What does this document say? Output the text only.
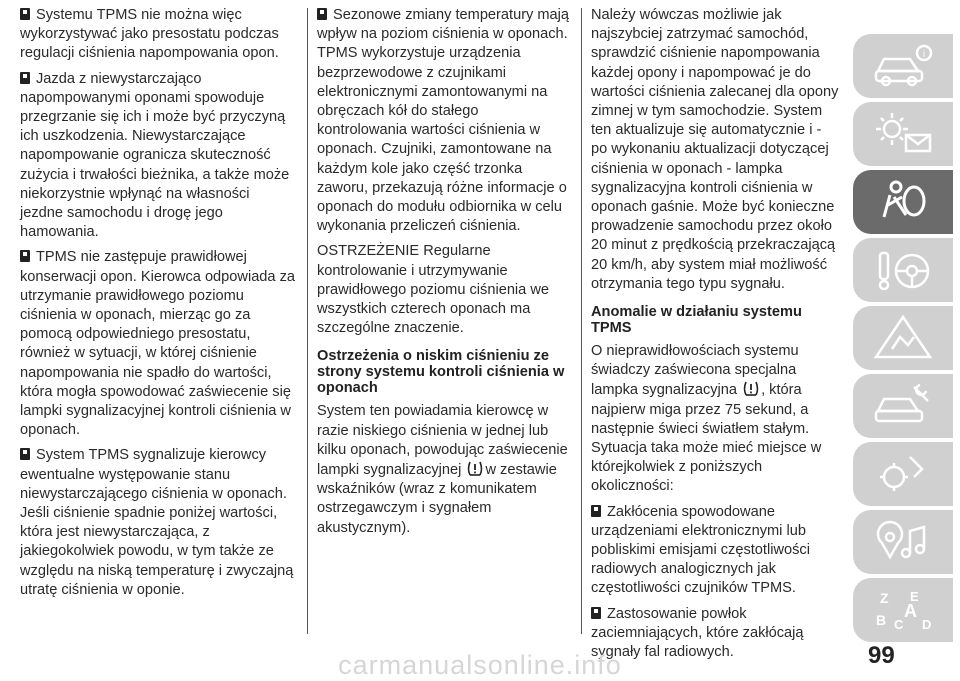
Systemu TPMS nie można więc wykorzystywać jako presostatu podczas regulacji ciśnienia napompowania opon.

Jazda z niewystarczająco napompowanymi oponami spowoduje przegrzanie się ich i może być przyczyną ich uszkodzenia. Niewystarczające napompowanie ogranicza skuteczność zużycia i trwałości bieżnika, a także może niekorzystnie wpłynąć na własności jezdne samochodu i drogę jego hamowania.

TPMS nie zastępuje prawidłowej konserwacji opon. Kierowca odpowiada za utrzymanie prawidłowego poziomu ciśnienia w oponach, mierząc go za pomocą odpowiedniego presostatu, również w sytuacji, w której ciśnienie napompowania nie spadło do wartości, która mogła spowodować zaświecenie się lampki sygnalizacyjnej kontroli ciśnienia w oponach.

System TPMS sygnalizuje kierowcy ewentualne występowanie stanu niewystarczającego ciśnienia w oponach. Jeśli ciśnienie spadnie poniżej wartości, która jest niewystarczająca, z jakiegokolwiek powodu, w tym także ze względu na niską temperaturę i zwyczajną utratę ciśnienia w oponie.

Sezonowe zmiany temperatury mają wpływ na poziom ciśnienia w oponach. TPMS wykorzystuje urządzenia bezprzewodowe z czujnikami elektronicznymi zamontowanymi na obręczach kół do stałego kontrolowania wartości ciśnienia w oponach. Czujniki, zamontowane na każdym kole jako część trzonka zaworu, przekazują różne informacje o oponach do modułu odbiornika w celu wykonania przeliczeń ciśnienia.

OSTRZEŻENIE Regularne kontrolowanie i utrzymywanie prawidłowego poziomu ciśnienia we wszystkich czterech oponach ma szczególne znaczenie.

Ostrzeżenia o niskim ciśnieniu ze strony systemu kontroli ciśnienia w oponach

System ten powiadamia kierowcę w razie niskiego ciśnienia w jednej lub kilku oponach, powodując zaświecenie lampki sygnalizacyjnej w zestawie wskaźników (wraz z komunikatem ostrzegawczym i sygnałem akustycznym).

Należy wówczas możliwie jak najszybciej zatrzymać samochód, sprawdzić ciśnienie napompowania każdej opony i napompować je do wartości ciśnienia zalecanej dla opony zimnej w tym samochodzie. System ten aktualizuje się automatycznie i - po wykonaniu aktualizacji dotyczącej ciśnienia w oponach - lampka sygnalizacyjna kontroli ciśnienia w oponach gaśnie. Może być konieczne prowadzenie samochodu przez około 20 minut z prędkością przekraczającą 20 km/h, aby system miał możliwość otrzymania tego typu sygnału.

Anomalie w działaniu systemu TPMS

O nieprawidłowościach systemu świadczy zaświecona specjalna lampka sygnalizacyjna , która najpierw miga przez 75 sekund, a następnie świeci światłem stałym. Sytuacja taka może mieć miejsce w którejkolwiek z poniższych okoliczności:

Zakłócenia spowodowane urządzeniami elektronicznymi lub pobliskimi emisjami częstotliwości radiowych analogicznych jak częstotliwości czujników TPMS.

Zastosowanie powłok zaciemniających, które zakłócają sygnały fal radiowych.

i
Z E
B C
A
D
99
carmanualsonline.info
